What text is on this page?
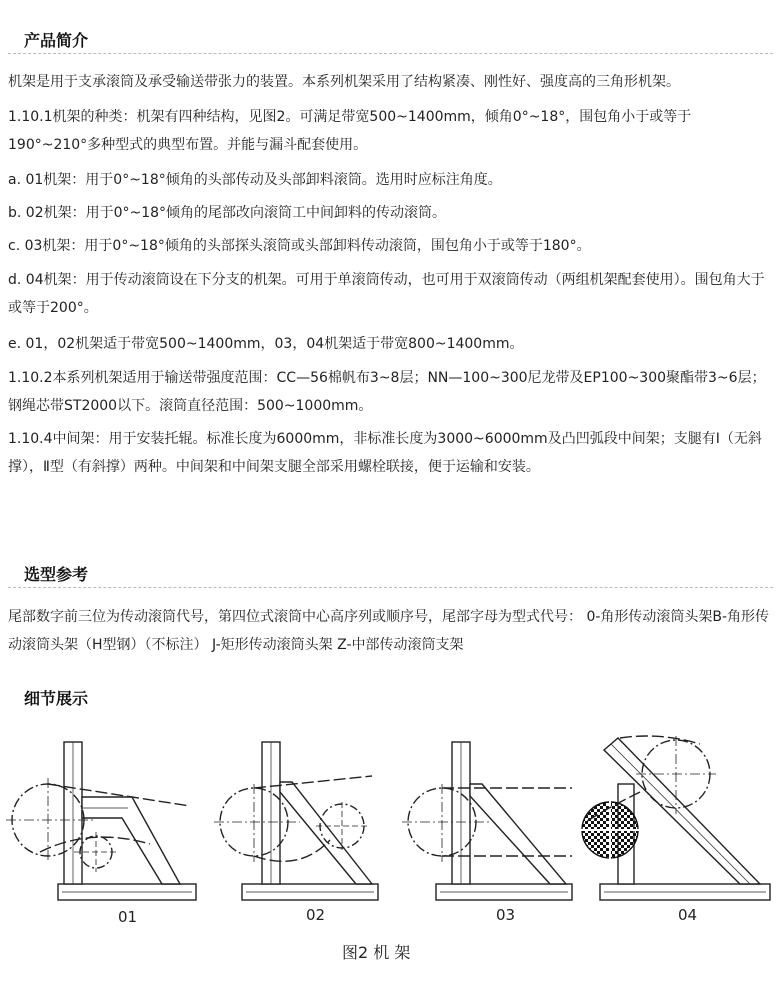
产品简介

机架是用于支承滚筒及承受输送带张力的装置。本系列机架采用了结构紧凑、刚性好、强度高的三角形机架。

1.10.1机架的种类：机架有四种结构，见图2。可满足带宽500~1400mm，倾角0°~18°，围包角小于或等于190°~210°多种型式的典型布置。并能与漏斗配套使用。

a. 01机架：用于0°~18°倾角的头部传动及头部卸料滚筒。选用时应标注角度。

b. 02机架：用于0°~18°倾角的尾部改向滚筒工中间卸料的传动滚筒。

c. 03机架：用于0°~18°倾角的头部探头滚筒或头部卸料传动滚筒，围包角小于或等于180°。

d. 04机架：用于传动滚筒设在下分支的机架。可用于单滚筒传动，也可用于双滚筒传动（两组机架配套使用）。围包角大于或等于200°。

e. 01，02机架适于带宽500~1400mm，03，04机架适于带宽800~1400mm。

1.10.2本系列机架适用于输送带强度范围：CC—56棉帆布3~8层；NN—100~300尼龙带及EP100~300聚酯带3~6层；钢绳芯带ST2000以下。滚筒直径范围：500~1000mm。

1.10.4中间架：用于安装托辊。标准长度为6000mm，非标准长度为3000~6000mm及凸凹弧段中间架；支腿有Ⅰ（无斜撑），Ⅱ型（有斜撑）两种。中间架和中间架支腿全部采用螺栓联接，便于运输和安装。

选型参考

尾部数字前三位为传动滚筒代号，第四位式滚筒中心高序列或顺序号，尾部字母为型式代号： 0-角形传动滚筒头架B-角形传动滚筒头架（H型钢）（不标注） J-矩形传动滚筒头架 Z-中部传动滚筒支架

细节展示
01	02	03	04
图2 机 架
